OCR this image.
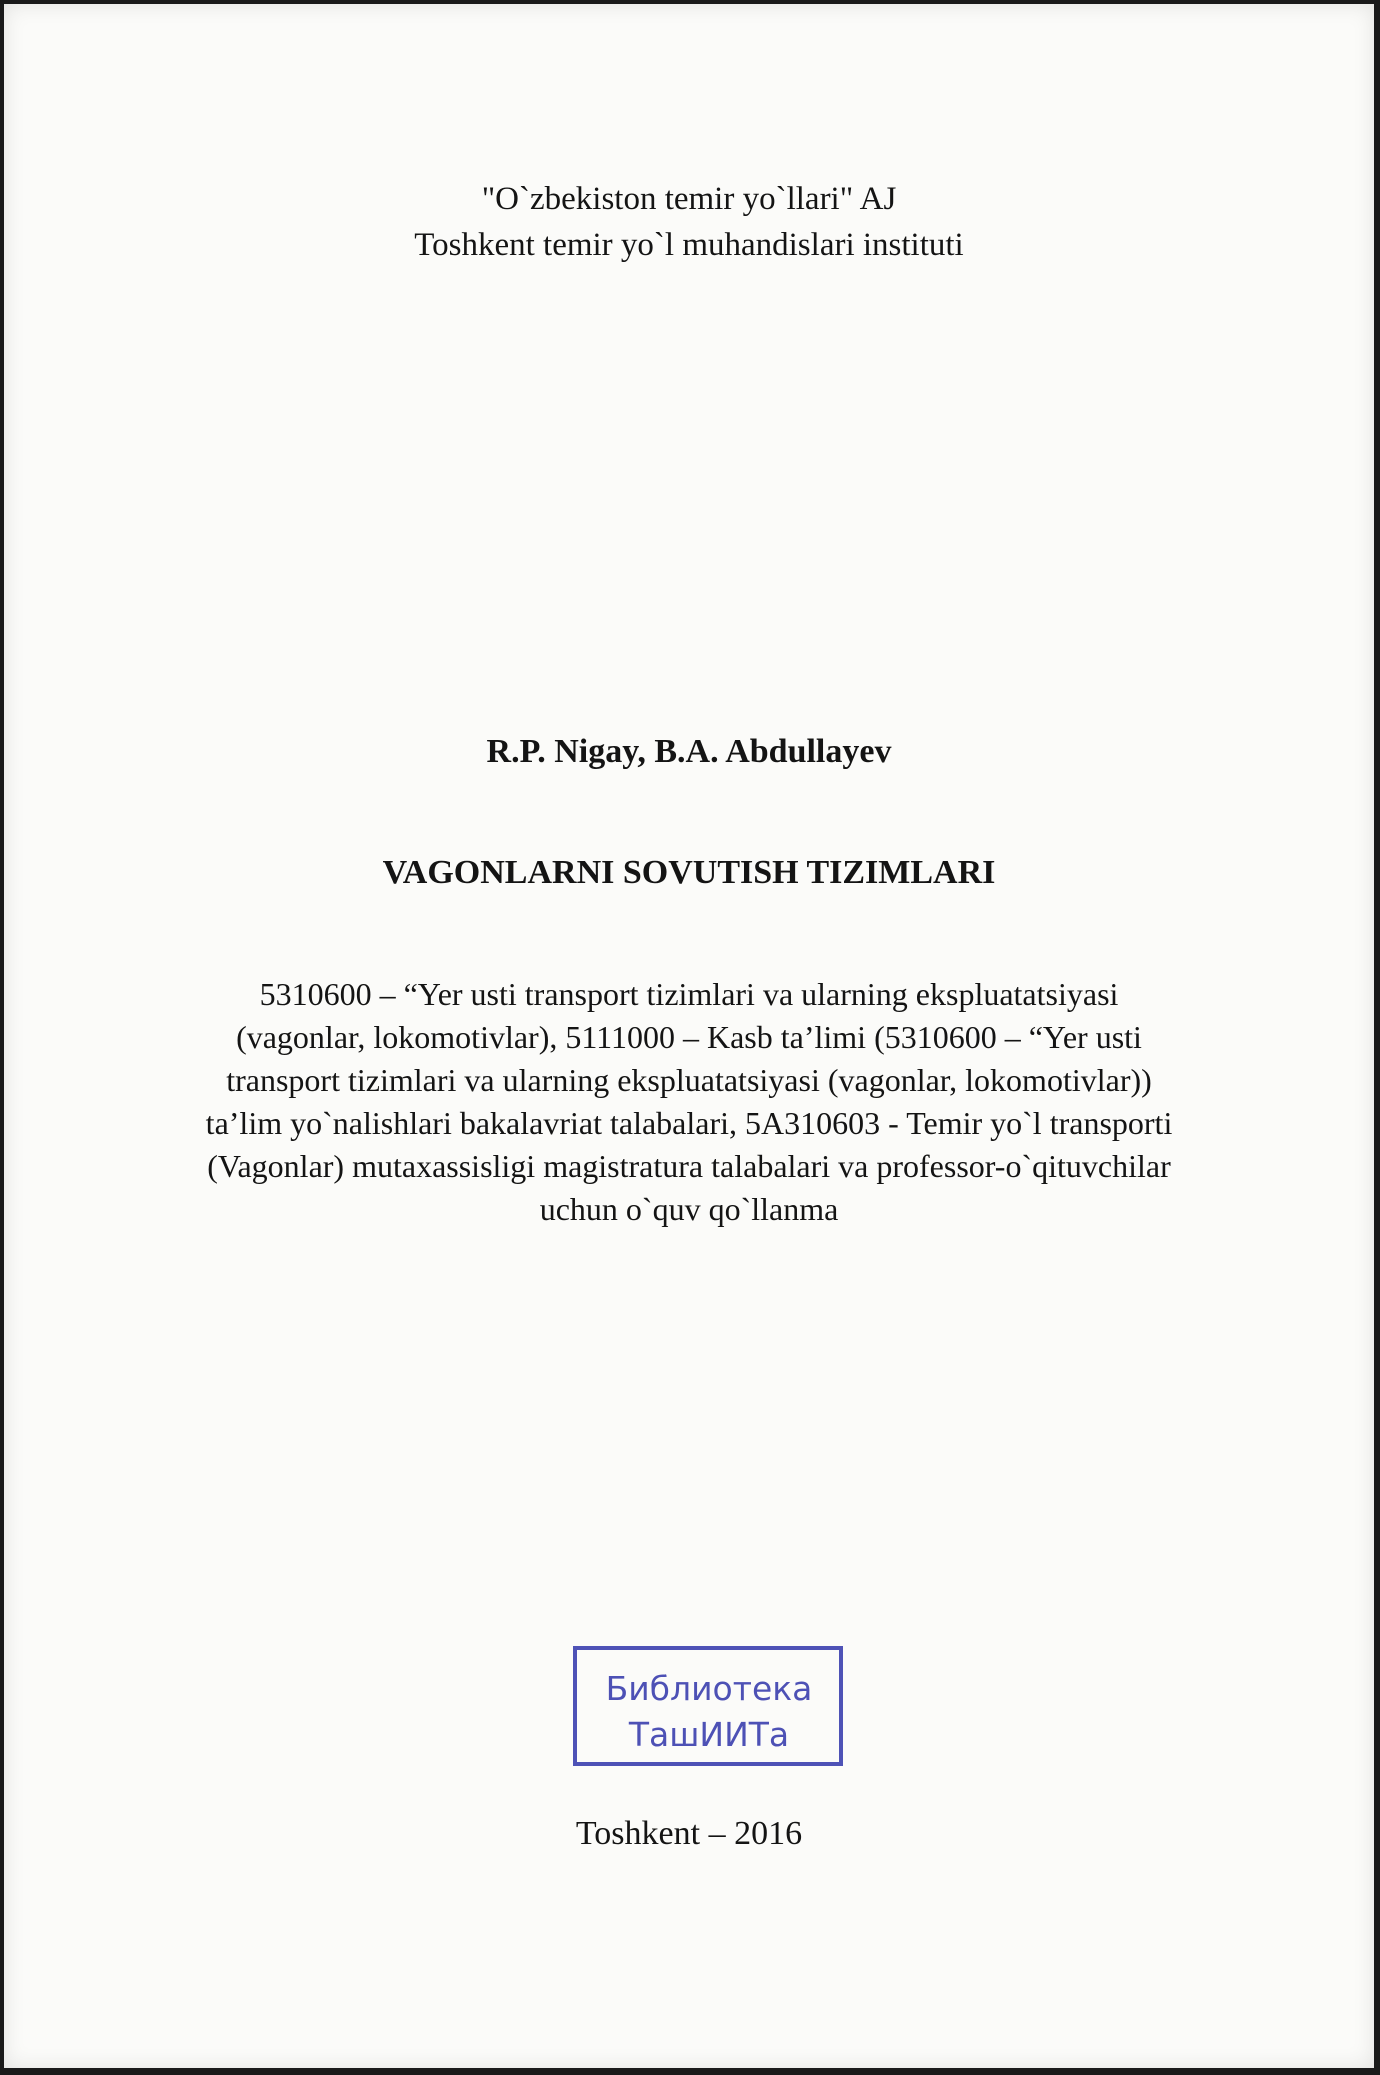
"O`zbekiston temir yo`llari" AJ
Toshkent temir yo`l muhandislari instituti
R.P. Nigay, B.A. Abdullayev
VAGONLARNI SOVUTISH TIZIMLARI
5310600 – “Yer usti transport tizimlari va ularning ekspluatatsiyasi
(vagonlar, lokomotivlar), 5111000 – Kasb ta’limi (5310600 – “Yer usti
transport tizimlari va ularning ekspluatatsiyasi (vagonlar, lokomotivlar))
ta’lim yo`nalishlari bakalavriat talabalari, 5A310603 - Temir yo`l transporti
(Vagonlar) mutaxassisligi magistratura talabalari va professor-o`qituvchilar
uchun o`quv qo`llanma
Библиотека
ТашИИТа
Toshkent – 2016
